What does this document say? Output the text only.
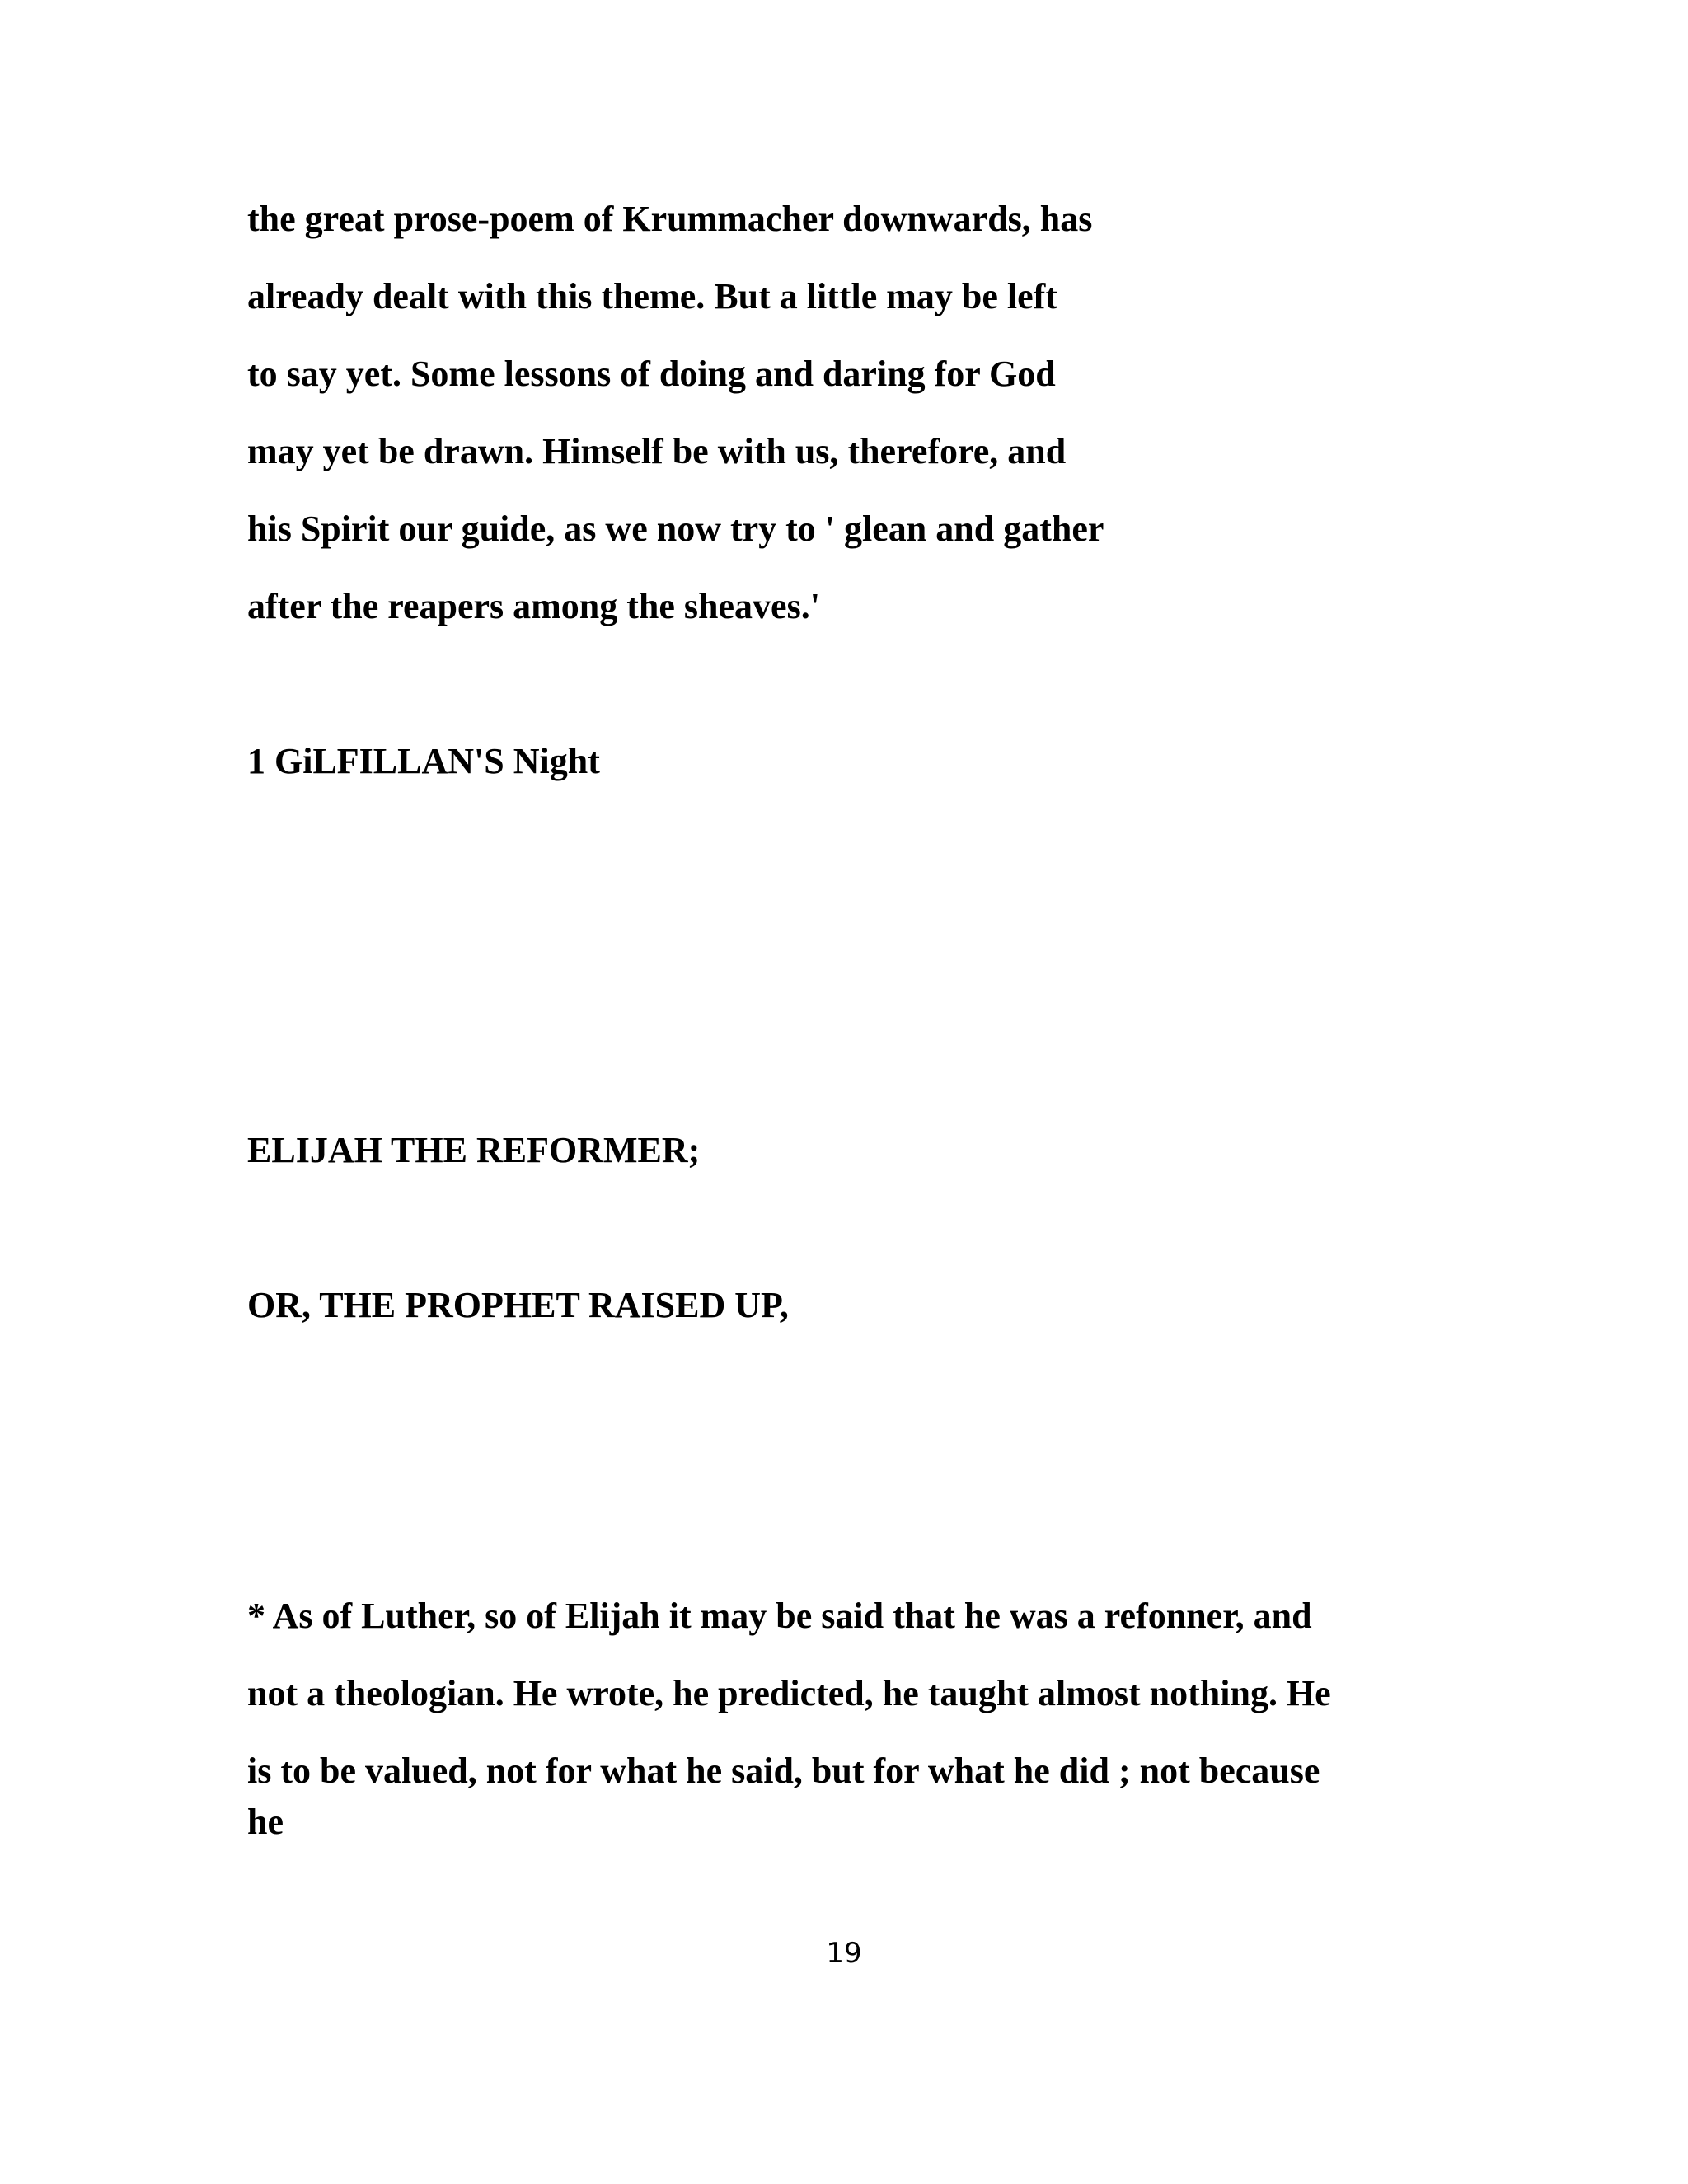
the great prose-poem of Krummacher downwards, has
already dealt with this theme. But a little may be left
to say yet. Some lessons of doing and daring for God
may yet be drawn. Himself be with us, therefore, and
his Spirit our guide, as we now try to ' glean and gather
after the reapers among the sheaves.'
1 GiLFILLAN'S Night
ELIJAH THE REFORMER;
OR, THE PROPHET RAISED UP,
* As of Luther, so of Elijah it may be said that he was a refonner, and
not a theologian. He wrote, he predicted, he taught almost nothing. He
is to be valued, not for what he said, but for what he did ; not because
he
19
